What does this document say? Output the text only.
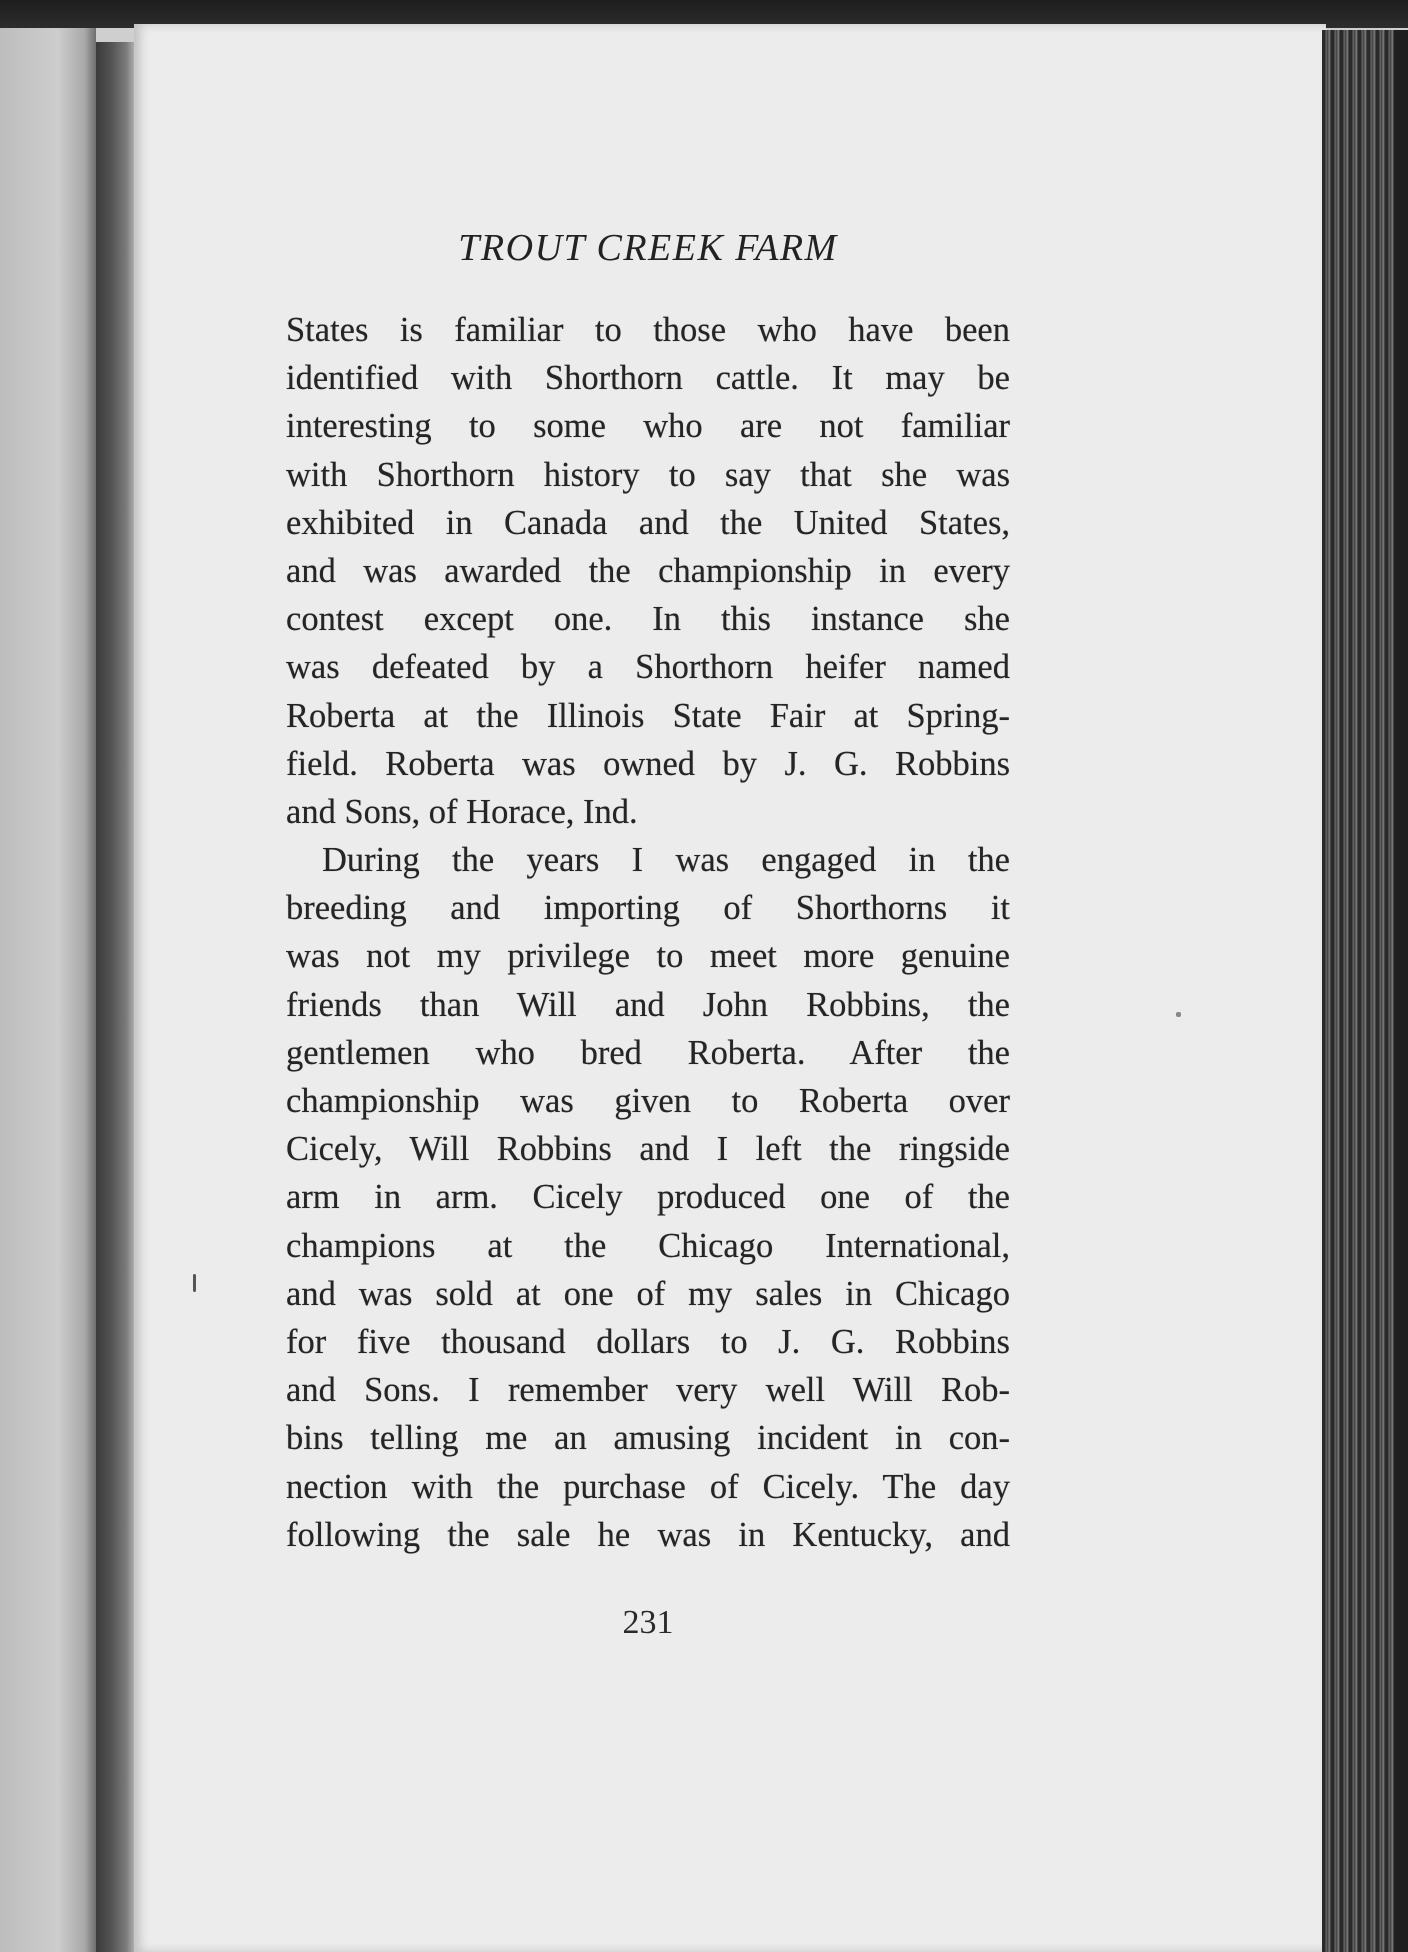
TROUT CREEK FARM
States is familiar to those who have been
identified with Shorthorn cattle. It may be
interesting to some who are not familiar
with Shorthorn history to say that she was
exhibited in Canada and the United States,
and was awarded the championship in every
contest except one. In this instance she
was defeated by a Shorthorn heifer named
Roberta at the Illinois State Fair at Spring-
field. Roberta was owned by J. G. Robbins
and Sons, of Horace, Ind.
During the years I was engaged in the
breeding and importing of Shorthorns it
was not my privilege to meet more genuine
friends than Will and John Robbins, the
gentlemen who bred Roberta. After the
championship was given to Roberta over
Cicely, Will Robbins and I left the ringside
arm in arm. Cicely produced one of the
champions at the Chicago International,
and was sold at one of my sales in Chicago
for five thousand dollars to J. G. Robbins
and Sons. I remember very well Will Rob-
bins telling me an amusing incident in con-
nection with the purchase of Cicely. The day
following the sale he was in Kentucky, and
231
